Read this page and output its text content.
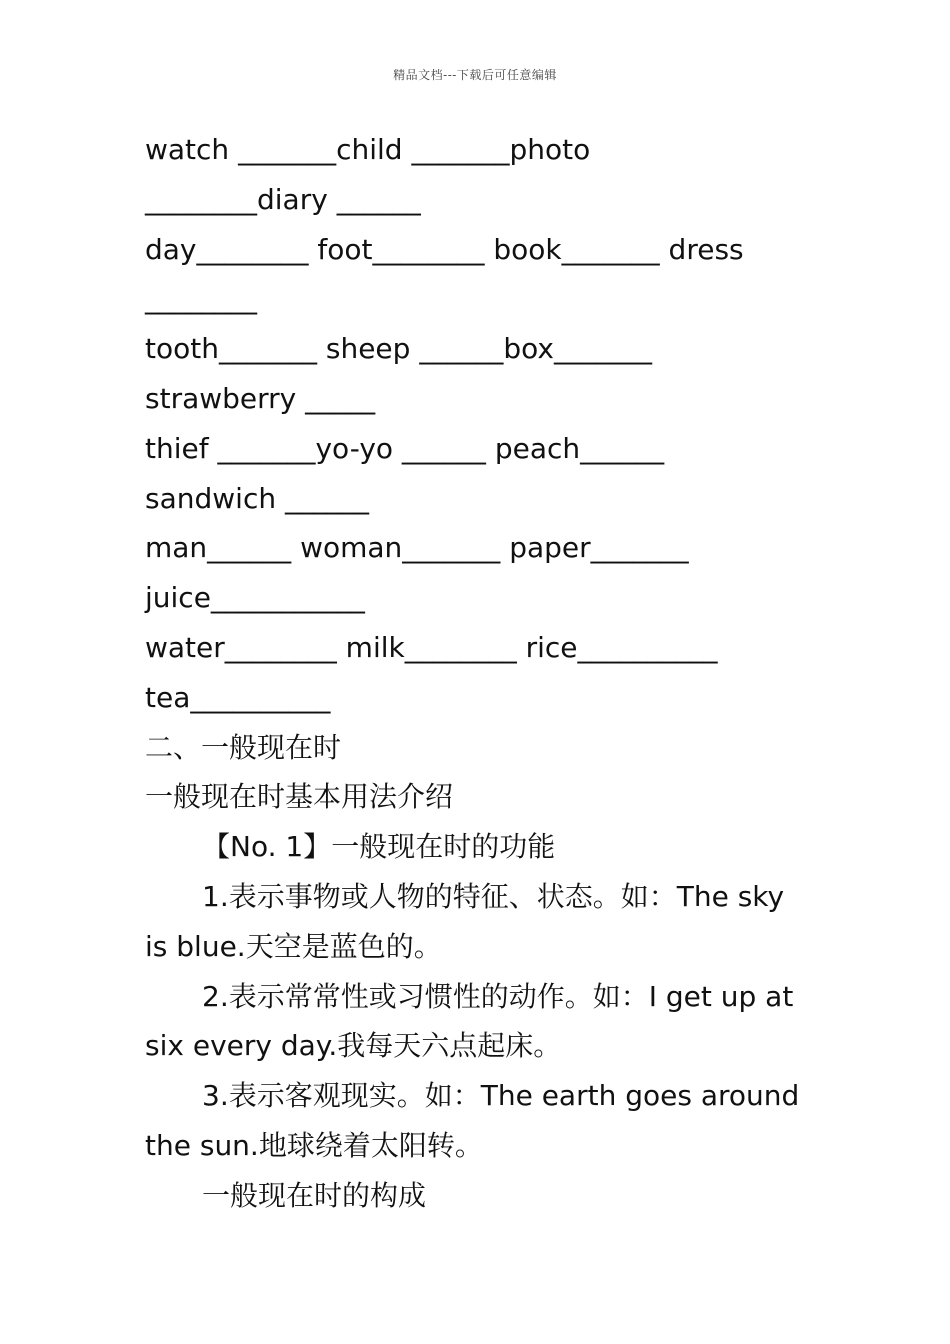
精品文档---下载后可任意编辑
watch _______child _______photo
________diary ______
day________ foot________ book_______ dress
________
tooth_______ sheep ______box_______
strawberry _____
thief _______yo-yo ______ peach______
sandwich ______
man______ woman_______ paper_______
juice___________
water________ milk________ rice__________
tea__________
二、一般现在时
一般现在时基本用法介绍
【No. 1】一般现在时的功能
1.表示事物或人物的特征、状态。如：The sky
is blue.天空是蓝色的。
2.表示常常性或习惯性的动作。如：I get up at
six every day.我每天六点起床。
3.表示客观现实。如：The earth goes around
the sun.地球绕着太阳转。
一般现在时的构成
